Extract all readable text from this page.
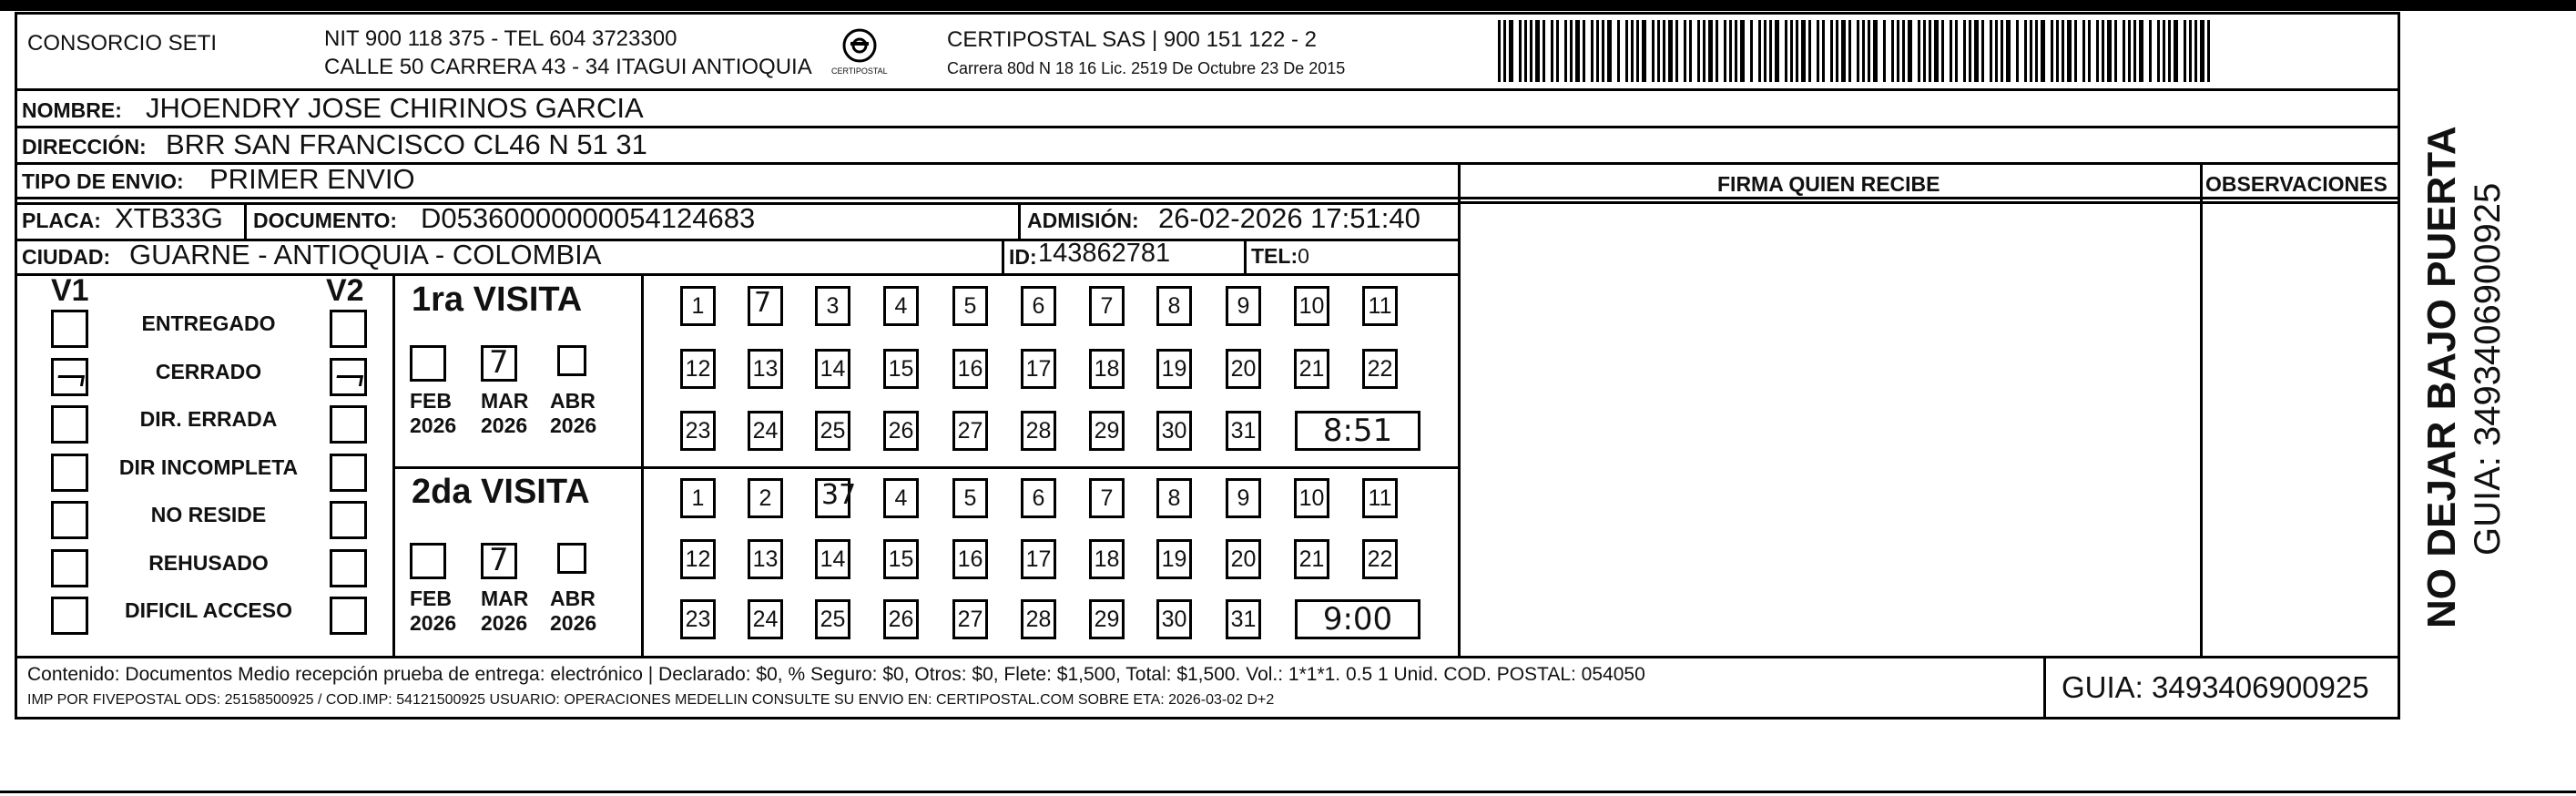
CONSORCIO SETI	NIT 900 118 375 - TEL 604 3723300
CALLE 50 CARRERA 43 - 34 ITAGUI ANTIOQUIA CERTIPOSTAL
CERTIPOSTAL SAS | 900 151 122 - 2
Carrera 80d N 18 16 Lic. 2519 De Octubre 23 De 2015
NOMBRE: JHOENDRY JOSE CHIRINOS GARCIA
DIRECCIÓN: BRR SAN FRANCISCO CL46 N 51 31
TIPO DE ENVIO: PRIMER ENVIO
PLACA: XTB33G DOCUMENTO: D05360000000054124683	ADMISIÓN: 26-02-2026 17:51:40
CIUDAD: GUARNE - ANTIOQUIA - COLOMBIA	ID: 143862781	TEL:0
FIRMA QUIEN RECIBE	OBSERVACIONES
V1	V2
ENTREGADO
CERRADO
DIR. ERRADA
DIR INCOMPLETA
NO RESIDE
REHUSADO
DIFICIL ACCESO
1ra VISITA
2da VISITA
FEB
2026
7
MAR
2026
ABR
2026
FEB
2026
7
MAR
2026
ABR
2026
1	7	3	4	5	6	7	8	9	10 11
12 13 14 15 16 17 18 19 20 21 22
23 24 25 26 27 28 29 30 31 8:51
1	2	37	4	5	6	7	8	9	10 11
12 13 14 15 16 17 18 19 20 21 22
23 24 25 26 27 28 29 30 31 9:00
Contenido: Documentos Medio recepción prueba de entrega: electrónico | Declarado: $0, % Seguro: $0, Otros: $0, Flete: $1,500, Total: $1,500. Vol.: 1*1*1. 0.5 1 Unid. COD. POSTAL: 054050
IMP POR FIVEPOSTAL ODS: 25158500925 / COD.IMP: 54121500925 USUARIO: OPERACIONES MEDELLIN CONSULTE SU ENVIO EN: CERTIPOSTAL.COM SOBRE ETA: 2026-03-02 D+2	GUIA: 3493406900925
NO DEJAR BAJO PUERTA GUIA: 3493406900925
